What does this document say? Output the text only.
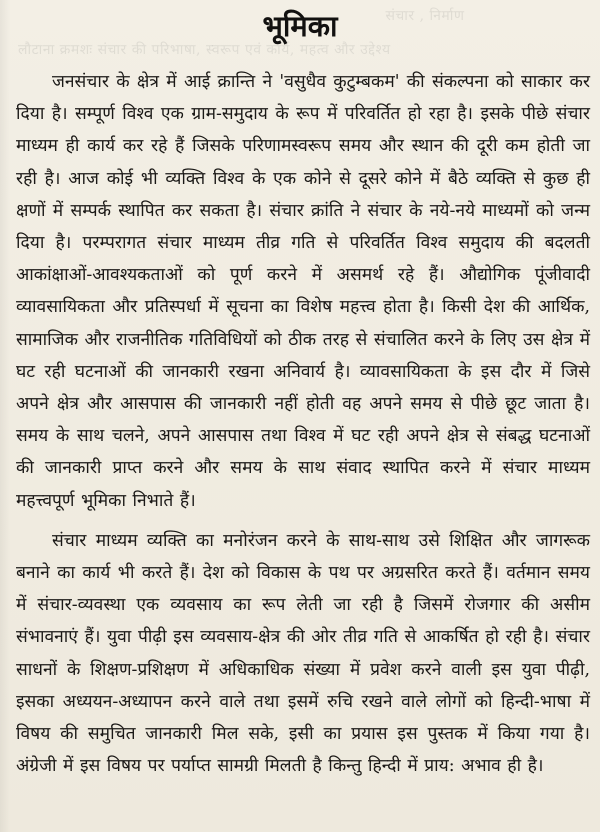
संचार , निर्माण
लौटाना क्रमशः संचार की परिभाषा, स्वरूप एवं कार्य, महत्व और उद्देश्य
भूमिका

जनसंचार के क्षेत्र में आई क्रान्ति ने 'वसुधैव कुटुम्बकम' की संकल्पना को साकार कर दिया है। सम्पूर्ण विश्व एक ग्राम-समुदाय के रूप में परिवर्तित हो रहा है। इसके पीछे संचार माध्यम ही कार्य कर रहे हैं जिसके परिणामस्वरूप समय और स्थान की दूरी कम होती जा रही है। आज कोई भी व्यक्ति विश्व के एक कोने से दूसरे कोने में बैठे व्यक्ति से कुछ ही क्षणों में सम्पर्क स्थापित कर सकता है। संचार क्रांति ने संचार के नये-नये माध्यमों को जन्म दिया है। परम्परागत संचार माध्यम तीव्र गति से परिवर्तित विश्व समुदाय की बदलती आकांक्षाओं-आवश्यकताओं को पूर्ण करने में असमर्थ रहे हैं। औद्योगिक पूंजीवादी व्यावसायिकता और प्रतिस्पर्धा में सूचना का विशेष महत्त्व होता है। किसी देश की आर्थिक, सामाजिक और राजनीतिक गतिविधियों को ठीक तरह से संचालित करने के लिए उस क्षेत्र में घट रही घटनाओं की जानकारी रखना अनिवार्य है। व्यावसायिकता के इस दौर में जिसे अपने क्षेत्र और आसपास की जानकारी नहीं होती वह अपने समय से पीछे छूट जाता है। समय के साथ चलने, अपने आसपास तथा विश्व में घट रही अपने क्षेत्र से संबद्ध घटनाओं की जानकारी प्राप्त करने और समय के साथ संवाद स्थापित करने में संचार माध्यम महत्त्वपूर्ण भूमिका निभाते हैं।

संचार माध्यम व्यक्ति का मनोरंजन करने के साथ-साथ उसे शिक्षित और जागरूक बनाने का कार्य भी करते हैं। देश को विकास के पथ पर अग्रसरित करते हैं। वर्तमान समय में संचार-व्यवस्था एक व्यवसाय का रूप लेती जा रही है जिसमें रोजगार की असीम संभावनाएं हैं। युवा पीढ़ी इस व्यवसाय-क्षेत्र की ओर तीव्र गति से आकर्षित हो रही है। संचार साधनों के शिक्षण-प्रशिक्षण में अधिकाधिक संख्या में प्रवेश करने वाली इस युवा पीढ़ी, इसका अध्ययन-अध्यापन करने वाले तथा इसमें रुचि रखने वाले लोगों को हिन्दी-भाषा में विषय की समुचित जानकारी मिल सके, इसी का प्रयास इस पुस्तक में किया गया है। अंग्रेजी में इस विषय पर पर्याप्त सामग्री मिलती है किन्तु हिन्दी में प्राय: अभाव ही है।
